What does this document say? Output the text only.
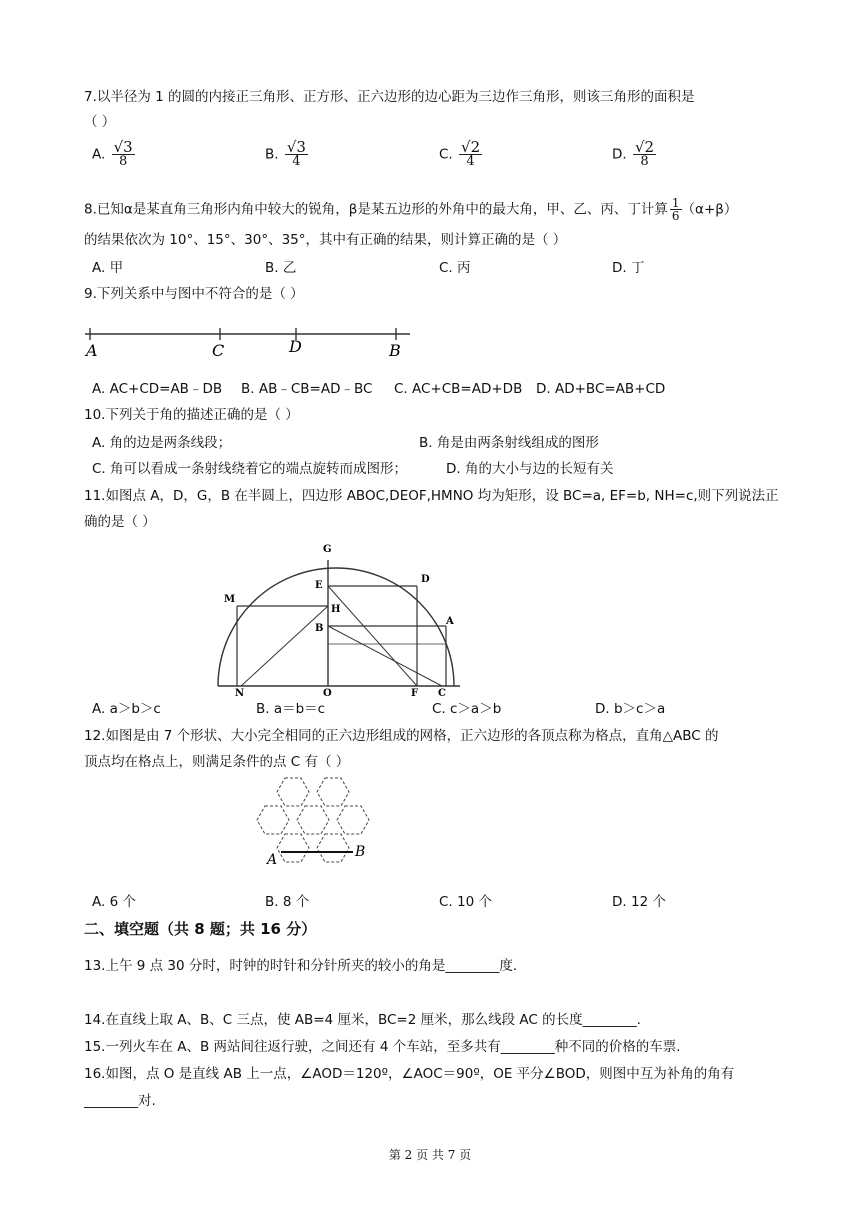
7.以半径为 1 的圆的内接正三角形、正方形、正六边形的边心距为三边作三角形，则该三角形的面积是
（ ）
A. $\frac{√3}{8}$	B. $\frac{√3}{4}$	C. $\frac{√2}{4}$	D. $\frac{√2}{8}$
8.已知α是某直角三角形内角中较大的锐角，β是某五边形的外角中的最大角，甲、乙、丙、丁计算 $\frac{1}{6} (\alpha+\beta)$
的结果依次为 10°、15°、30°、35°，其中有正确的结果，则计算正确的是（ ）
A. 甲	B. 乙	C. 丙	D. 丁
9.下列关系中与图中不符合的是（ ）
A	C	D	B
A. AC+CD=AB﹣DB B. AB﹣CB=AD﹣BC C. AC+CB=AD+DB D. AD+BC=AB+CD
10.下列关于角的描述正确的是（ ）
A. 角的边是两条线段；	B. 角是由两条射线组成的图形
C. 角可以看成一条射线绕着它的端点旋转而成图形；	D. 角的大小与边的长短有关
11.如图点 A，D，G，B 在半圆上，四边形 ABOC,DEOF,HMNO 均为矩形，设 BC=a, EF=b, NH=c,则下列说法正
确的是（ ）
G
E
D
M
H
B
A
N	O	F C
A. a＞b＞c	B. a＝b＝c	C. c＞a＞b	D. b＞c＞a
12.如图是由 7 个形状、大小完全相同的正六边形组成的网格，正六边形的各顶点称为格点，直角△ABC 的
顶点均在格点上，则满足条件的点 C 有（ ）
A	B
A. 6 个	B. 8 个	C. 10 个	D. 12 个
二、填空题（共 8 题；共 16 分）
13.上午 9 点 30 分时，时钟的时针和分针所夹的较小的角是________度.
14.在直线上取 A、B、C 三点，使 AB=4 厘米，BC=2 厘米，那么线段 AC 的长度________.
15.一列火车在 A、B 两站间往返行驶，之间还有 4 个车站，至多共有________种不同的价格的车票.
16.如图，点 O 是直线 AB 上一点，∠AOD＝120º，∠AOC＝90º，OE 平分∠BOD，则图中互为补角的角有
________对.
第 2 页 共 7 页
